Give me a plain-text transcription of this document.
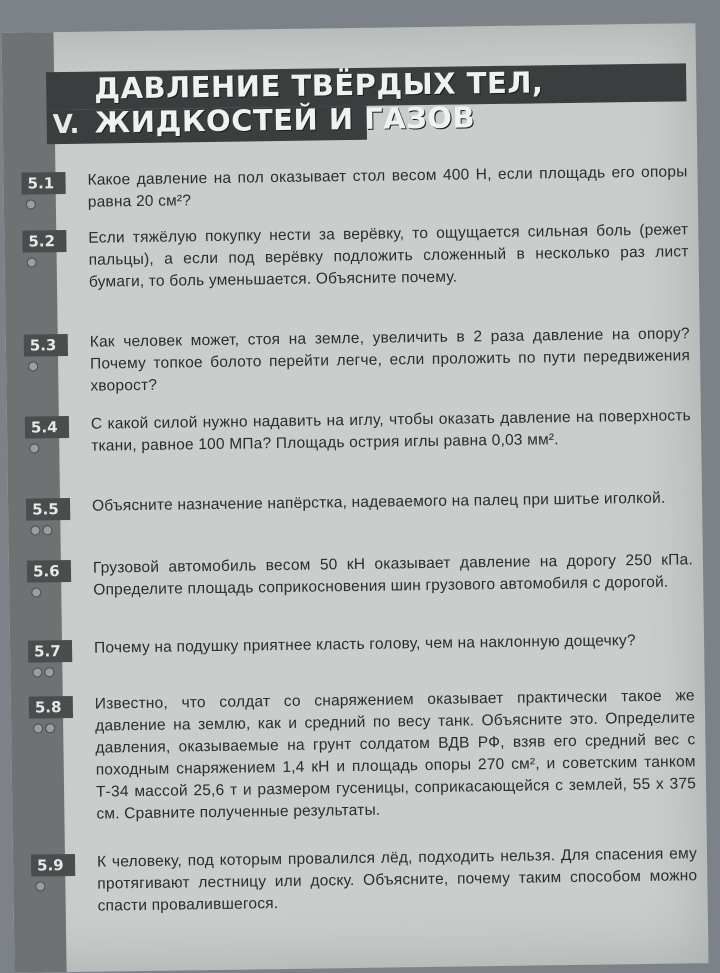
V.
ДАВЛЕНИЕ ТВЁРДЫХ ТЕЛ,
ЖИДКОСТЕЙ И ГАЗОВ
5.1	Какое давление на пол оказывает стол весом 400 Н, если площадь его опоры равна 20 см²?
5.2	Если тяжёлую покупку нести за верёвку, то ощущается сильная боль (режет пальцы), а если под верёвку подложить сложенный в несколько раз лист бумаги, то боль уменьшается. Объясните почему.
5.3	Как человек может, стоя на земле, увеличить в 2 раза давление на опору? Почему топкое болото перейти легче, если проложить по пути передвижения хворост?
5.4	С какой силой нужно надавить на иглу, чтобы оказать давление на поверхность ткани, равное 100 МПа? Площадь острия иглы равна 0,03 мм².
5.5	Объясните назначение напёрстка, надеваемого на палец при шитье иголкой.
5.6	Грузовой автомобиль весом 50 кН оказывает давление на дорогу 250 кПа. Определите площадь соприкосновения шин грузового автомобиля с дорогой.
5.7	Почему на подушку приятнее класть голову, чем на наклонную дощечку?
5.8	Известно, что солдат со снаряжением оказывает практически такое же давление на землю, как и средний по весу танк. Объясните это. Определите давления, оказываемые на грунт солдатом ВДВ РФ, взяв его средний вес с походным снаряжением 1,4 кН и площадь опоры 270 см², и советским танком Т-34 массой 25,6 т и размером гусеницы, соприкасающейся с землей, 55 х 375 см. Сравните полученные результаты.
5.9	К человеку, под которым провалился лёд, подходить нельзя. Для спасения ему протягивают лестницу или доску. Объясните, почему таким способом можно спасти провалившегося.
